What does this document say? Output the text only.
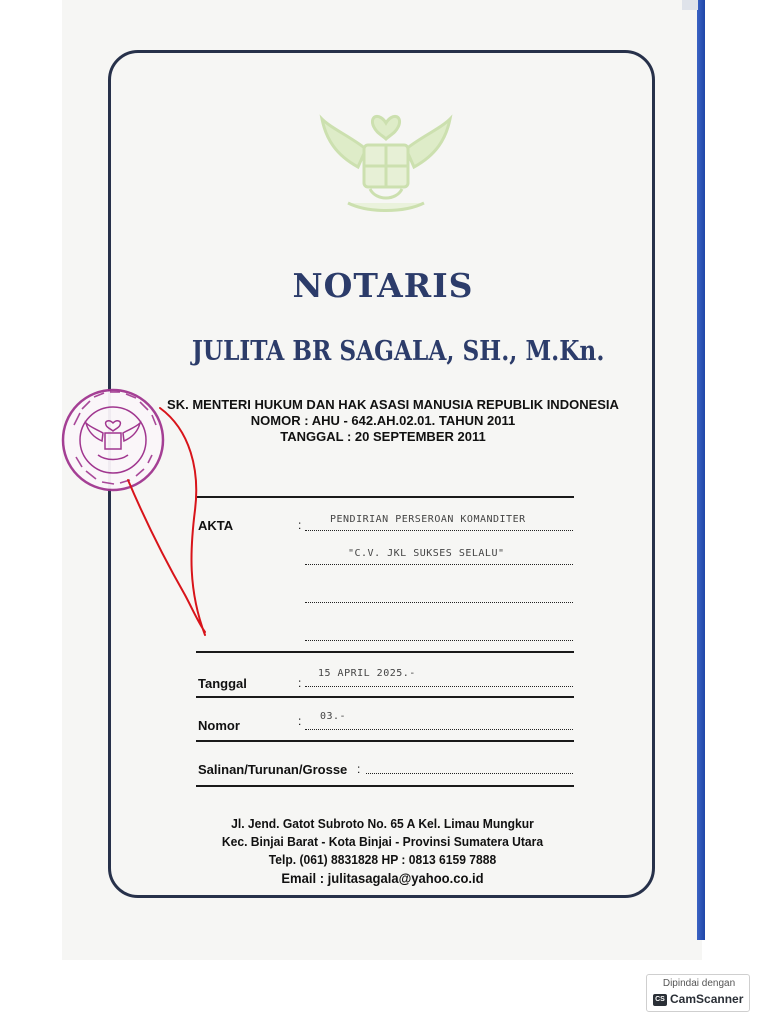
NOTARIS
JULITA BR SAGALA, SH., M.Kn.
SK. MENTERI HUKUM DAN HAK ASASI MANUSIA REPUBLIK INDONESIA
NOMOR : AHU - 642.AH.02.01. TAHUN 2011
TANGGAL : 20 SEPTEMBER 2011
AKTA	:	PENDIRIAN PERSEROAN KOMANDITER
"C.V. JKL SUKSES SELALU"
Tanggal	:
15 APRIL 2025.-
Nomor	: 03.-
Salinan/Turunan/Grosse :
Jl. Jend. Gatot Subroto No. 65 A Kel. Limau Mungkur
Kec. Binjai Barat - Kota Binjai - Provinsi Sumatera Utara
Telp. (061) 8831828 HP : 0813 6159 7888
Email : julitasagala@yahoo.co.id
Dipindai dengan
CS CamScanner
